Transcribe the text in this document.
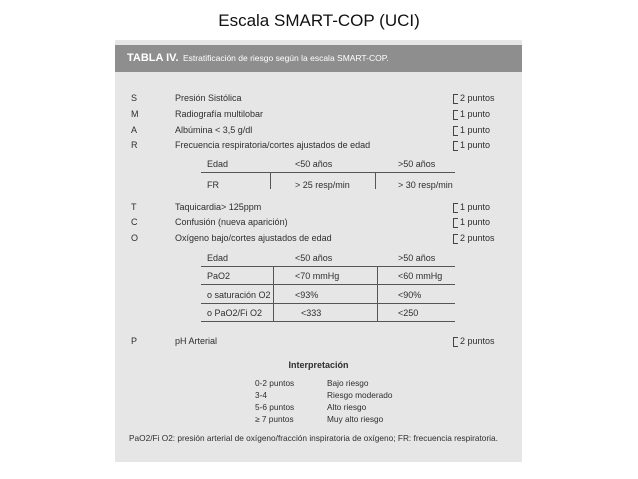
Escala SMART-COP (UCI)
TABLA IV. Estratificación de riesgo según la escala SMART-COP.
S	Presión Sistólica	2 puntos
M	Radiografía multilobar	1 punto
A	Albúmina < 3,5 g/dl	1 punto
R	Frecuencia respiratoria/cortes ajustados de edad	1 punto
Edad	<50 años	>50 años
FR	> 25 resp/min	> 30 resp/min
T	Taquicardia> 125ppm	1 punto
C	Confusión (nueva aparición)	1 punto
O	Oxígeno bajo/cortes ajustados de edad	2 puntos
Edad	<50 años	>50 años
PaO2	<70 mmHg	<60 mmHg
o saturación O2	<93%	<90%
o PaO2/Fi O2	<333	<250
P	pH Arterial	2 puntos
Interpretación
0-2 puntos	Bajo riesgo
3-4	Riesgo moderado
5-6 puntos	Alto riesgo
≥ 7 puntos	Muy alto riesgo
PaO2/Fi O2: presión arterial de oxígeno/fracción inspiratoria de oxígeno; FR: frecuencia respiratoria.
